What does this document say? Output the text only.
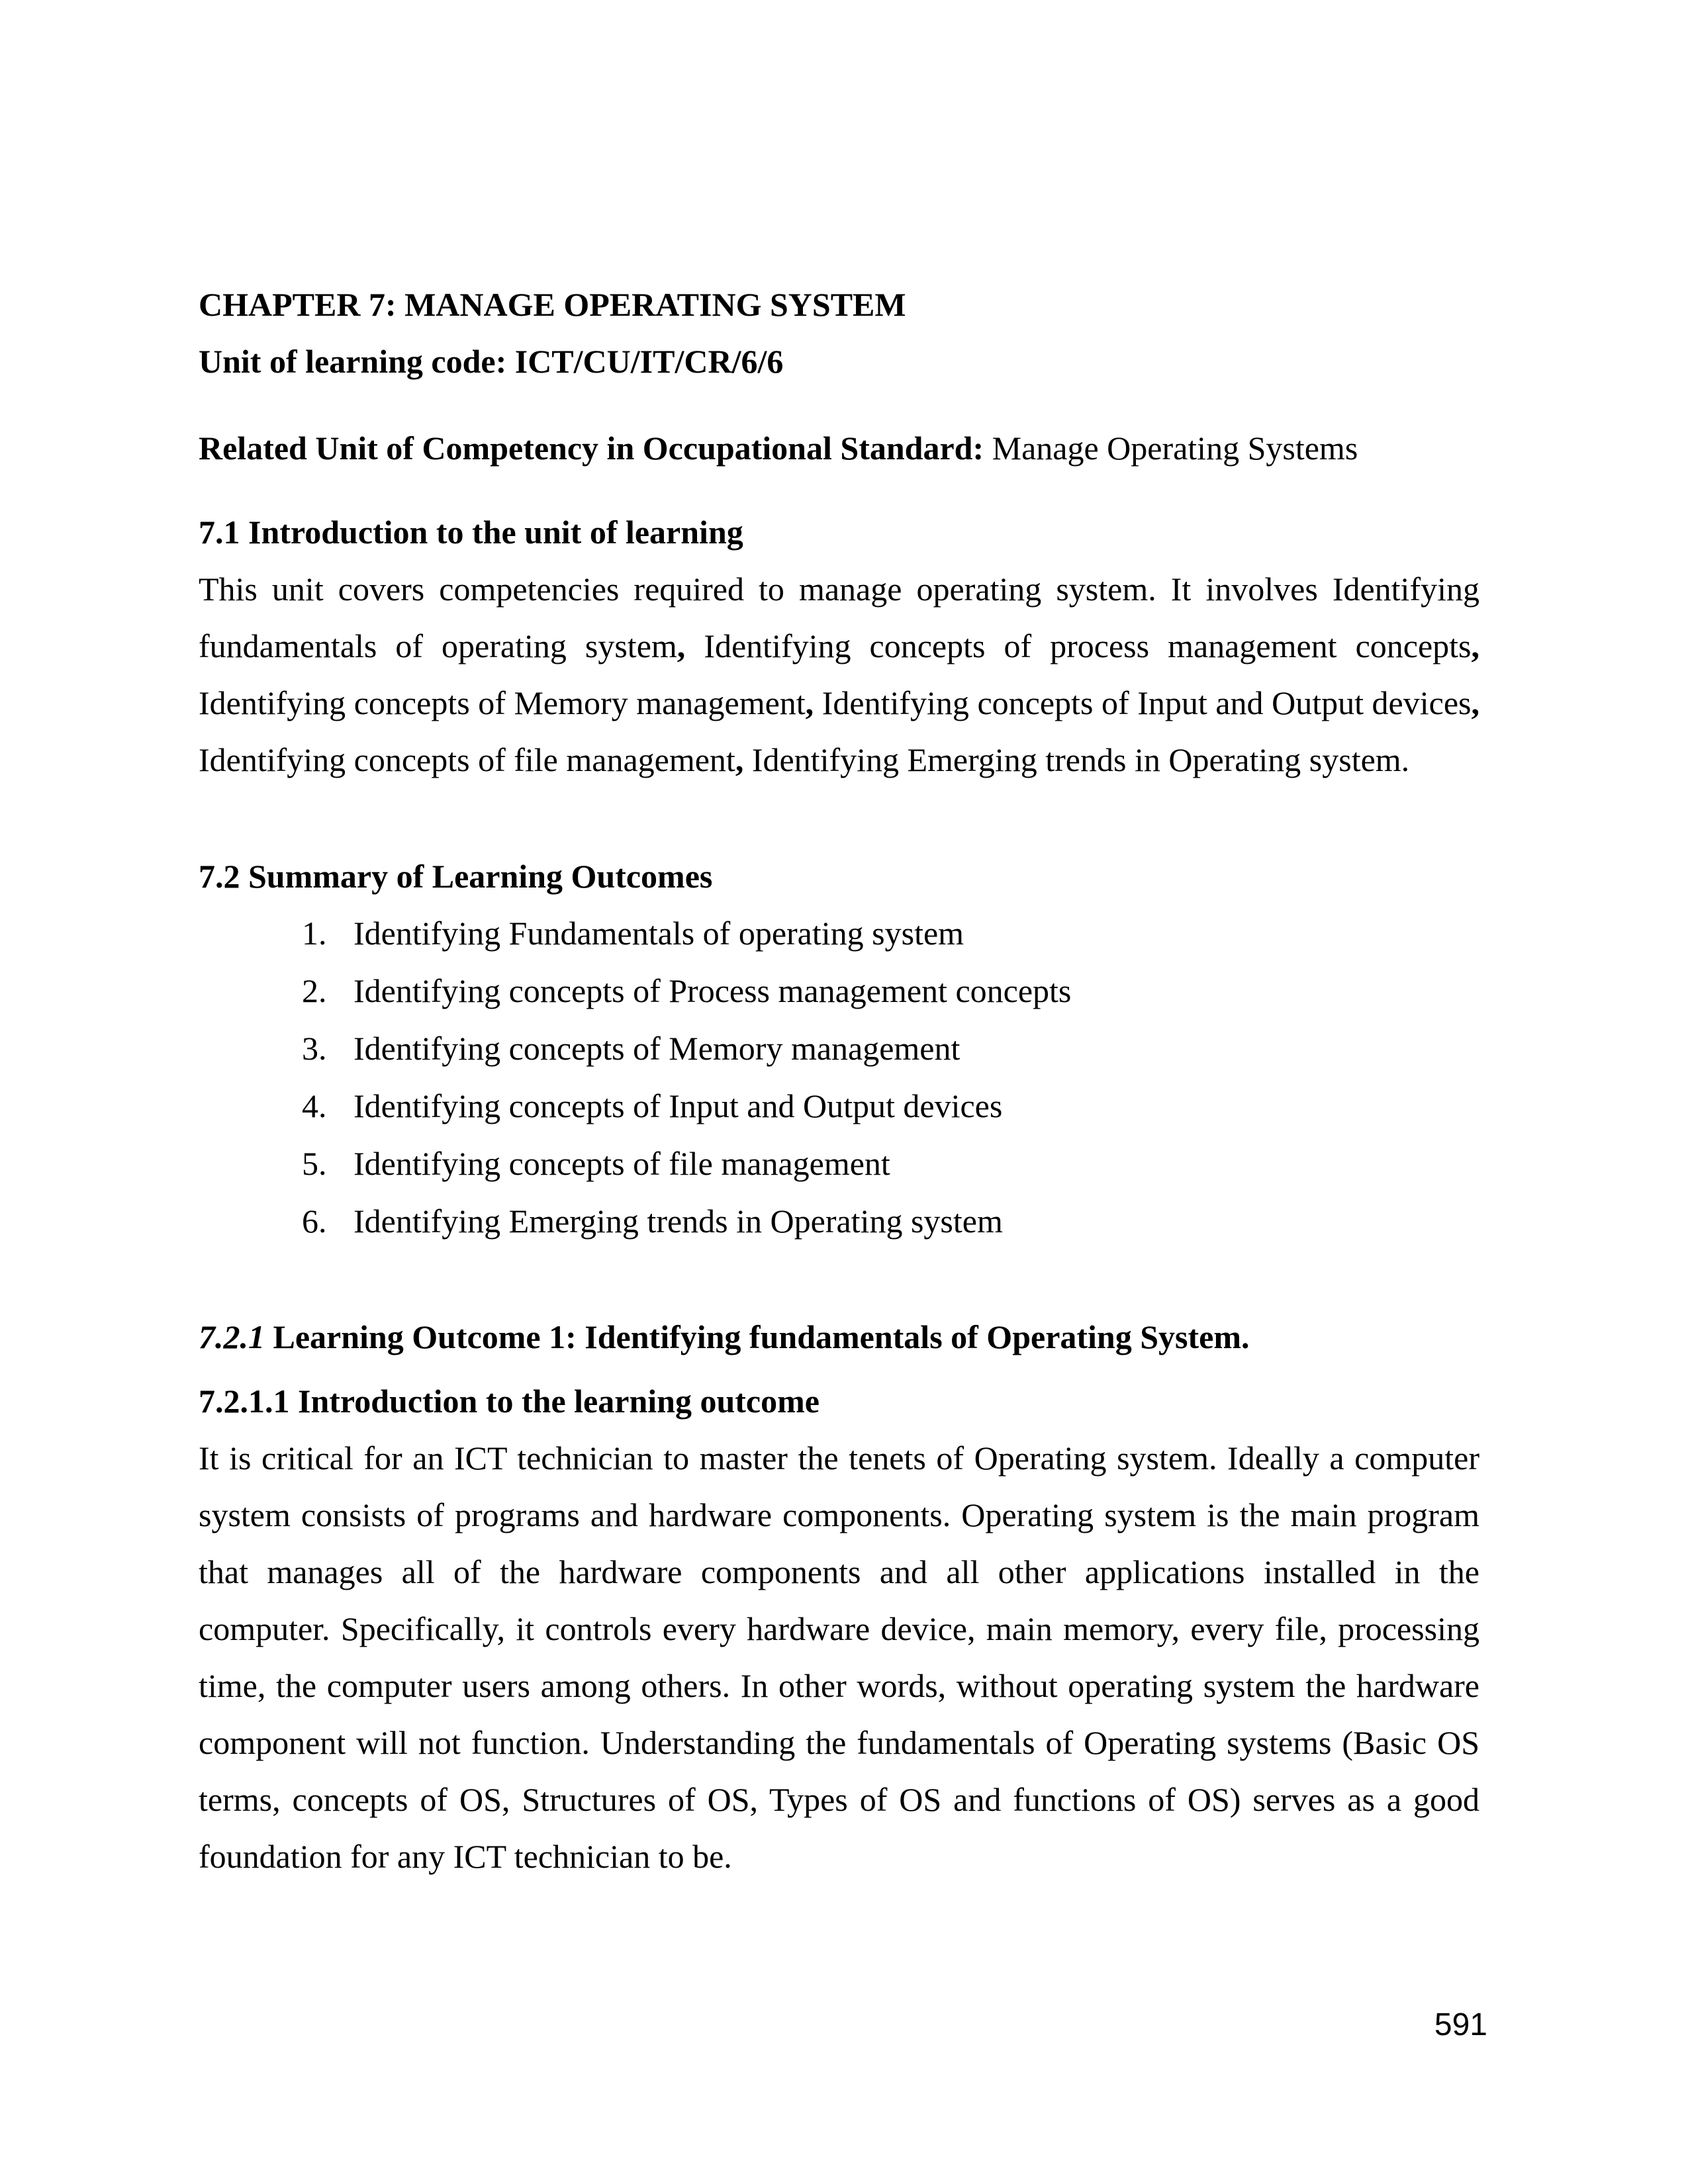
CHAPTER 7: MANAGE OPERATING SYSTEM
Unit of learning code: ICT/CU/IT/CR/6/6
Related Unit of Competency in Occupational Standard: Manage Operating Systems
7.1 Introduction to the unit of learning

This unit covers competencies required to manage operating system. It involves Identifying fundamentals of operating system, Identifying concepts of process management concepts, Identifying concepts of Memory management, Identifying concepts of Input and Output devices, Identifying concepts of file management, Identifying Emerging trends in Operating system.

7.2 Summary of Learning Outcomes
1. Identifying Fundamentals of operating system
2. Identifying concepts of Process management concepts
3. Identifying concepts of Memory management
4. Identifying concepts of Input and Output devices
5. Identifying concepts of file management
6. Identifying Emerging trends in Operating system
7.2.1 Learning Outcome 1: Identifying fundamentals of Operating System.
7.2.1.1 Introduction to the learning outcome

It is critical for an ICT technician to master the tenets of Operating system. Ideally a computer system consists of programs and hardware components. Operating system is the main program that manages all of the hardware components and all other applications installed in the computer. Specifically, it controls every hardware device, main memory, every file, processing time, the computer users among others. In other words, without operating system the hardware component will not function. Understanding the fundamentals of Operating systems (Basic OS terms, concepts of OS, Structures of OS, Types of OS and functions of OS) serves as a good foundation for any ICT technician to be.

591
